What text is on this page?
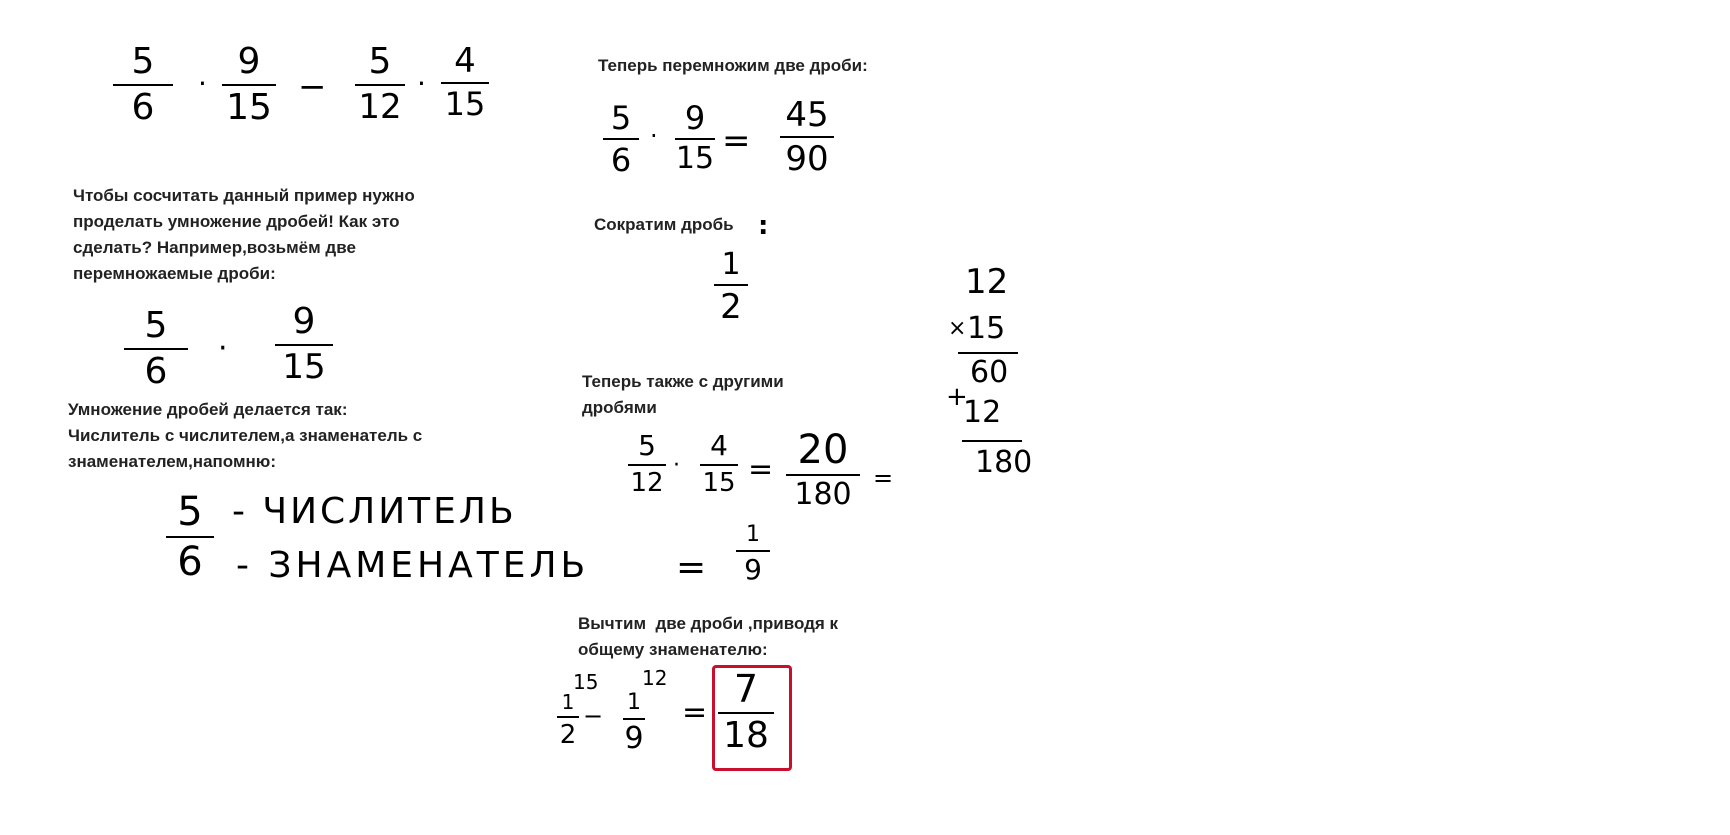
5
6
·
9
15 −
5
12
·
4
15
Чтобы сосчитать данный пример нужно
проделать умножение дробей! Как это
сделать? Например,возьмём две
перемножаемые дроби:
5
6
·
9
15
Умножение дробей делается так:
Числитель с числителем,а знаменатель с
знаменателем,напомню:
5
6
- ЧИСЛИТЕЛЬ
- ЗНАМЕНАТЕЛЬ
Теперь перемножим две дроби:
5
6
· 9
15 =
45
90
Сократим дробь :
1
2
Теперь также с другими
дробями
5
12
·
4
15 = 20
180 =
=
1
9
Вычтим  две дроби ,приводя к
общему знаменателю:
1
2
15
− 1
9
12
=
7
18
12
× 15
60
+
12
180
